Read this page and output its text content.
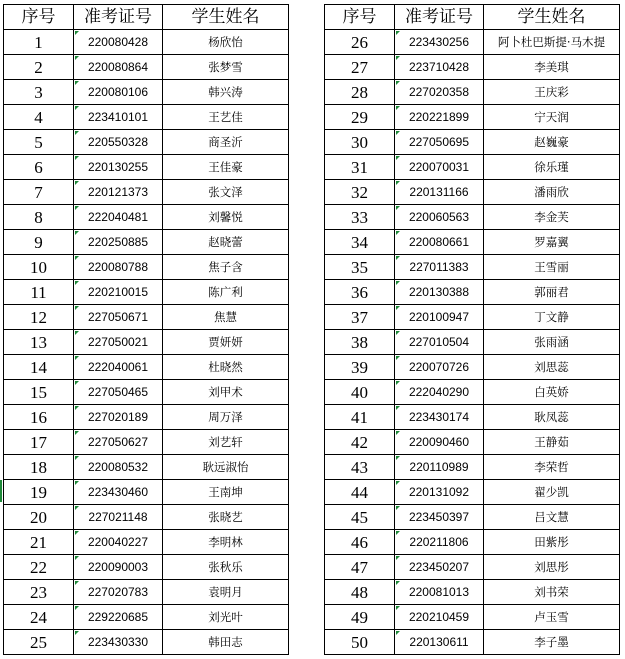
序号	准考证号	学生姓名
1	220080428	杨欣怡
2	220080864	张梦雪
3	220080106	韩兴涛
4	223410101	王艺佳
5	220550328	商圣沂
6	220130255	王佳豪
7	220121373	张文泽
8	222040481	刘馨悦
9	220250885	赵晓蕾
10	220080788	焦子含
11	220210015	陈广利
12	227050671	焦慧
13	227050021	贾妍妍
14	222040061	杜晓然
15	227050465	刘甲术
16	227020189	周万泽
17	227050627	刘艺轩
18	220080532	耿远淑怡
19	223430460	王南坤
20	227021148	张晓艺
21	220040227	李明林
22	220090003	张秋乐
23	227020783	袁明月
24	229220685	刘光叶
25	223430330	韩田志
序号	准考证号	学生姓名
26	223430256	阿卜杜巴斯提·马木提
27	223710428	李美琪
28	227020358	王庆彩
29	220221899	宁天润
30	227050695	赵巍豪
31	220070031	徐乐瑾
32	220131166	潘雨欣
33	220060563	李金芙
34	220080661	罗嘉翼
35	227011383	王雪丽
36	220130388	郭丽君
37	220100947	丁文静
38	227010504	张雨涵
39	220070726	刘思蕊
40	222040290	白英娇
41	223430174	耿凤蕊
42	220090460	王静茹
43	220110989	李荣哲
44	220131092	翟少凯
45	223450397	吕文慧
46	220211806	田紫彤
47	223450207	刘思彤
48	220081013	刘书荣
49	220210459	卢玉雪
50	220130611	李子墨
